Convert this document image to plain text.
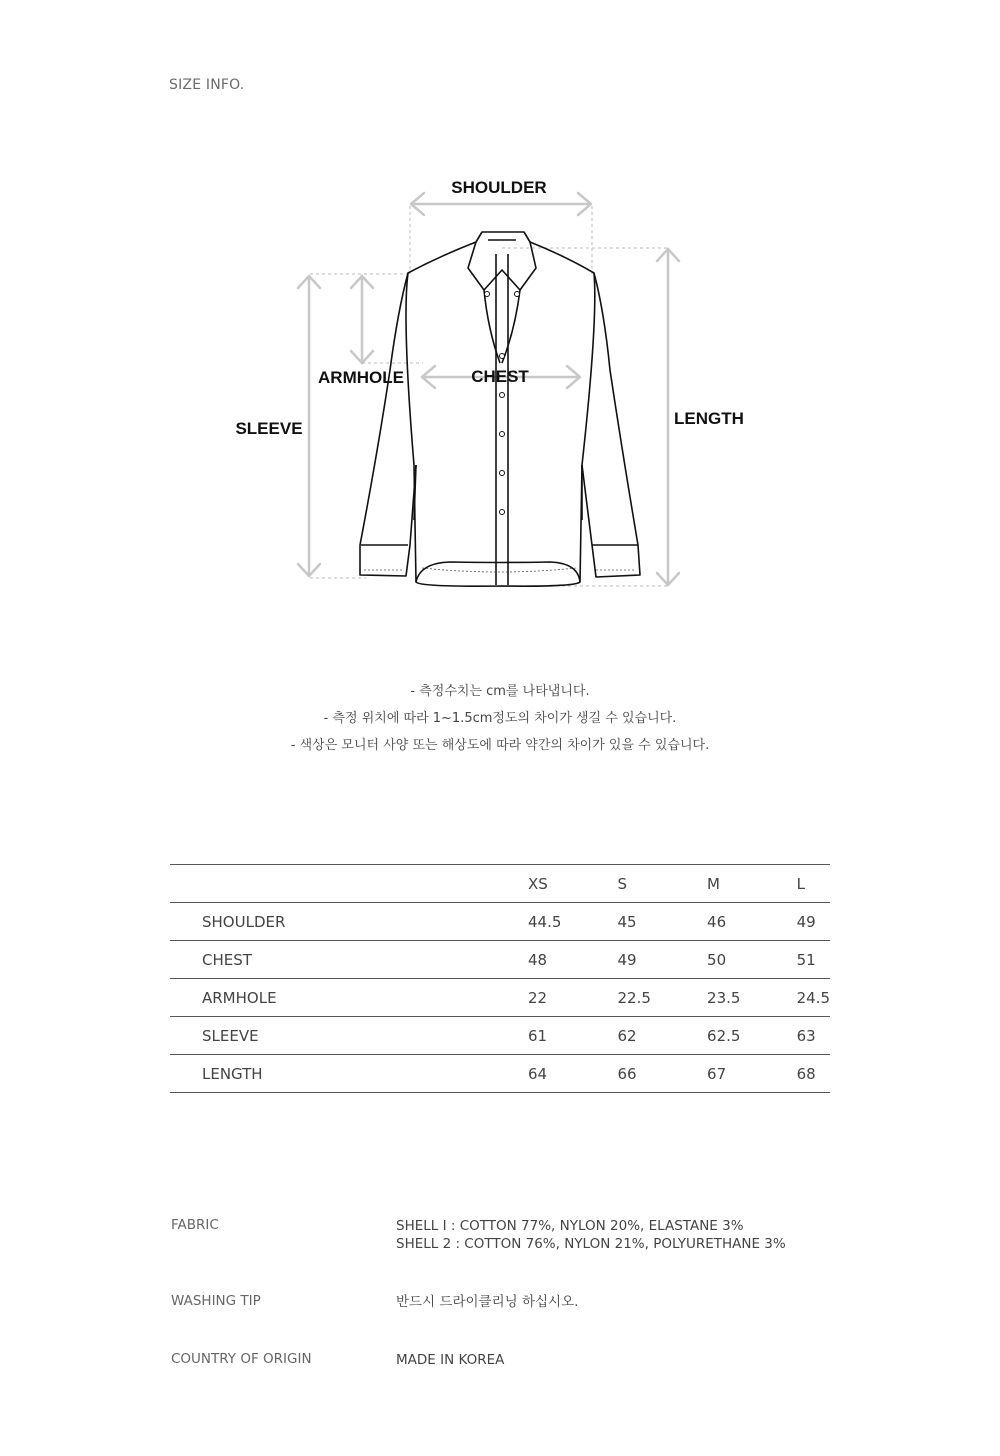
SIZE INFO.
SHOULDER
CHEST
ARMHOLE
SLEEVE
LENGTH
- 측정수치는 cm를 나타냅니다.
- 측정 위치에 따라 1~1.5cm정도의 차이가 생길 수 있습니다.
- 색상은 모니터 사양 또는 해상도에 따라 약간의 차이가 있을 수 있습니다.
	XS	S	M	L
SHOULDER	44.5	45	46	49
CHEST	48	49	50	51
ARMHOLE	22	22.5	23.5	24.5
SLEEVE	61	62	62.5	63
LENGTH	64	66	67	68
FABRIC	SHELL Ⅰ : COTTON 77%, NYLON 20%, ELASTANE 3%
SHELL 2 : COTTON 76%, NYLON 21%, POLYURETHANE 3%
WASHING TIP	반드시 드라이클리닝 하십시오.
COUNTRY OF ORIGIN	MADE IN KOREA
